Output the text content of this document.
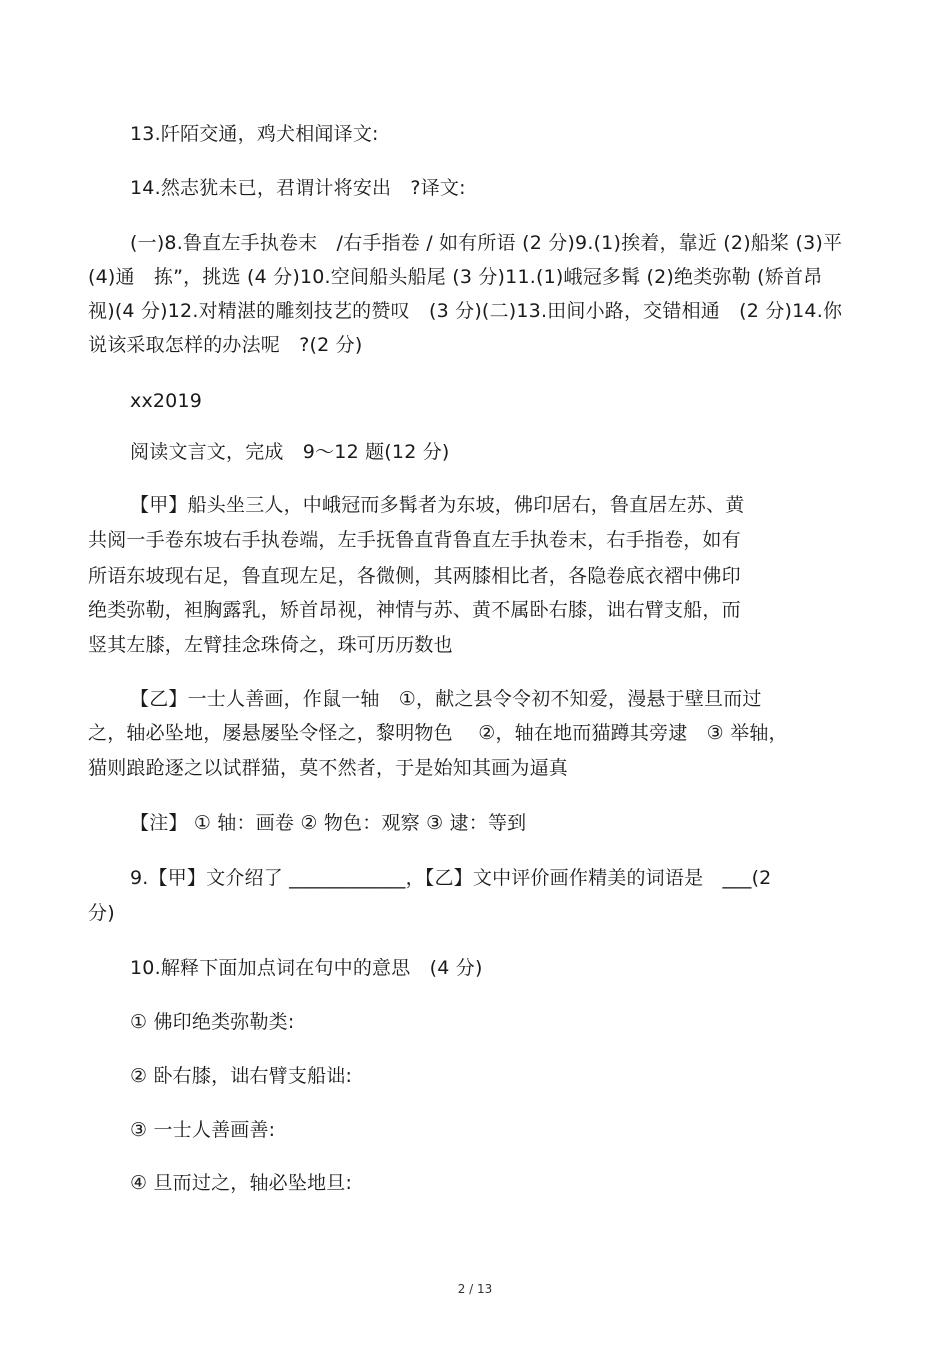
13.阡陌交通，鸡犬相闻译文:
14.然志犹未已，君谓计将安出　?译文:
(一)8.鲁直左手执卷末　/右手指卷 / 如有所语 (2 分)9.(1)挨着，靠近 (2)船桨 (3)平
(4)通　拣”，挑选 (4 分)10.空间船头船尾 (3 分)11.(1)峨冠多髯 (2)绝类弥勒 (矫首昂
视)(4 分)12.对精湛的雕刻技艺的赞叹　(3 分)(二)13.田间小路，交错相通　(2 分)14.你
说该采取怎样的办法呢　?(2 分)
xx2019
阅读文言文，完成　9～12 题(12 分)
【甲】船头坐三人，中峨冠而多髯者为东坡，佛印居右，鲁直居左苏、黄
共阅一手卷东坡右手执卷端，左手抚鲁直背鲁直左手执卷末，右手指卷，如有
所语东坡现右足，鲁直现左足，各微侧，其两膝相比者，各隐卷底衣褶中佛印
绝类弥勒，袒胸露乳，矫首昂视，神情与苏、黄不属卧右膝，诎右臂支船，而
竖其左膝，左臂挂念珠倚之，珠可历历数也
【乙】一士人善画，作鼠一轴　①，献之县令令初不知爱，漫悬于壁旦而过
之，轴必坠地，屡悬屡坠令怪之，黎明物色　 ②，轴在地而猫蹲其旁逮　③ 举轴，
猫则踉跄逐之以试群猫，莫不然者，于是始知其画为逼真
【注】 ① 轴：画卷 ② 物色：观察 ③ 逮：等到
9.【甲】文介绍了 ____________，【乙】文中评价画作精美的词语是　___(2
分)
10.解释下面加点词在句中的意思　(4 分)
① 佛印绝类弥勒类:
② 卧右膝，诎右臂支船诎:
③ 一士人善画善:
④ 旦而过之，轴必坠地旦:
2 / 13
